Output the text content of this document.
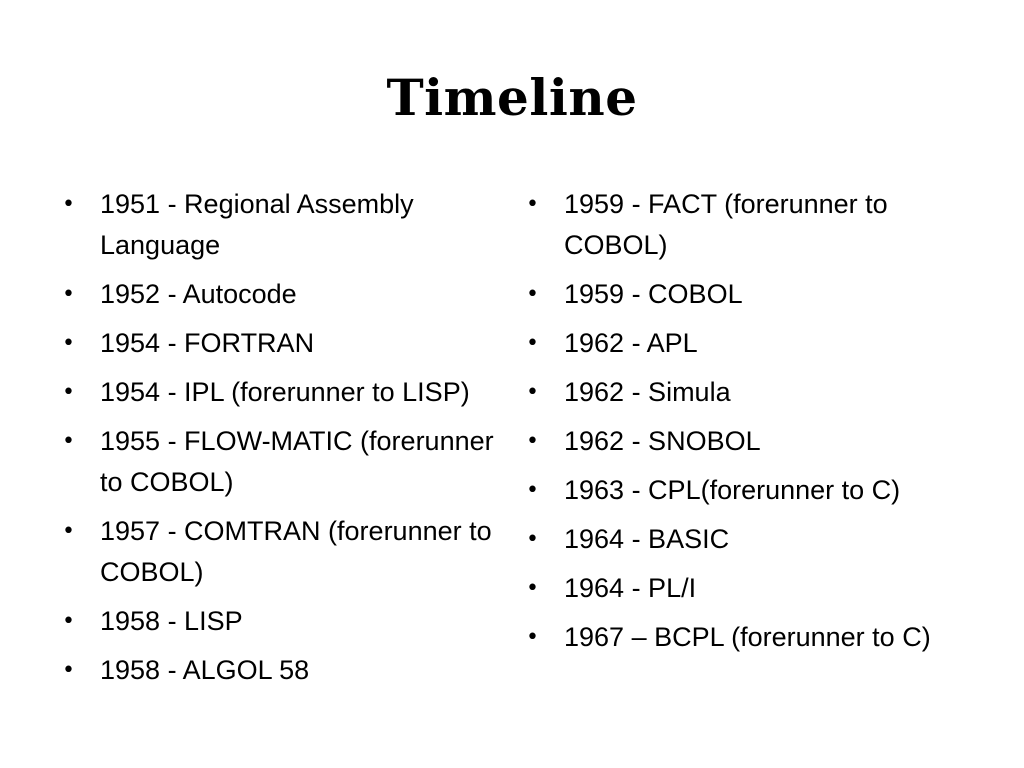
Timeline
• 1951 - Regional Assembly Language
• 1952 - Autocode
• 1954 - FORTRAN
• 1954 - IPL (forerunner to LISP)
• 1955 - FLOW-MATIC (forerunner to COBOL)
• 1957 - COMTRAN (forerunner to COBOL)
• 1958 - LISP
• 1958 - ALGOL 58
• 1959 - FACT (forerunner to COBOL)
• 1959 - COBOL
• 1962 - APL
• 1962 - Simula
• 1962 - SNOBOL
• 1963 - CPL(forerunner to C)
• 1964 - BASIC
• 1964 - PL/I
• 1967 – BCPL (forerunner to C)
